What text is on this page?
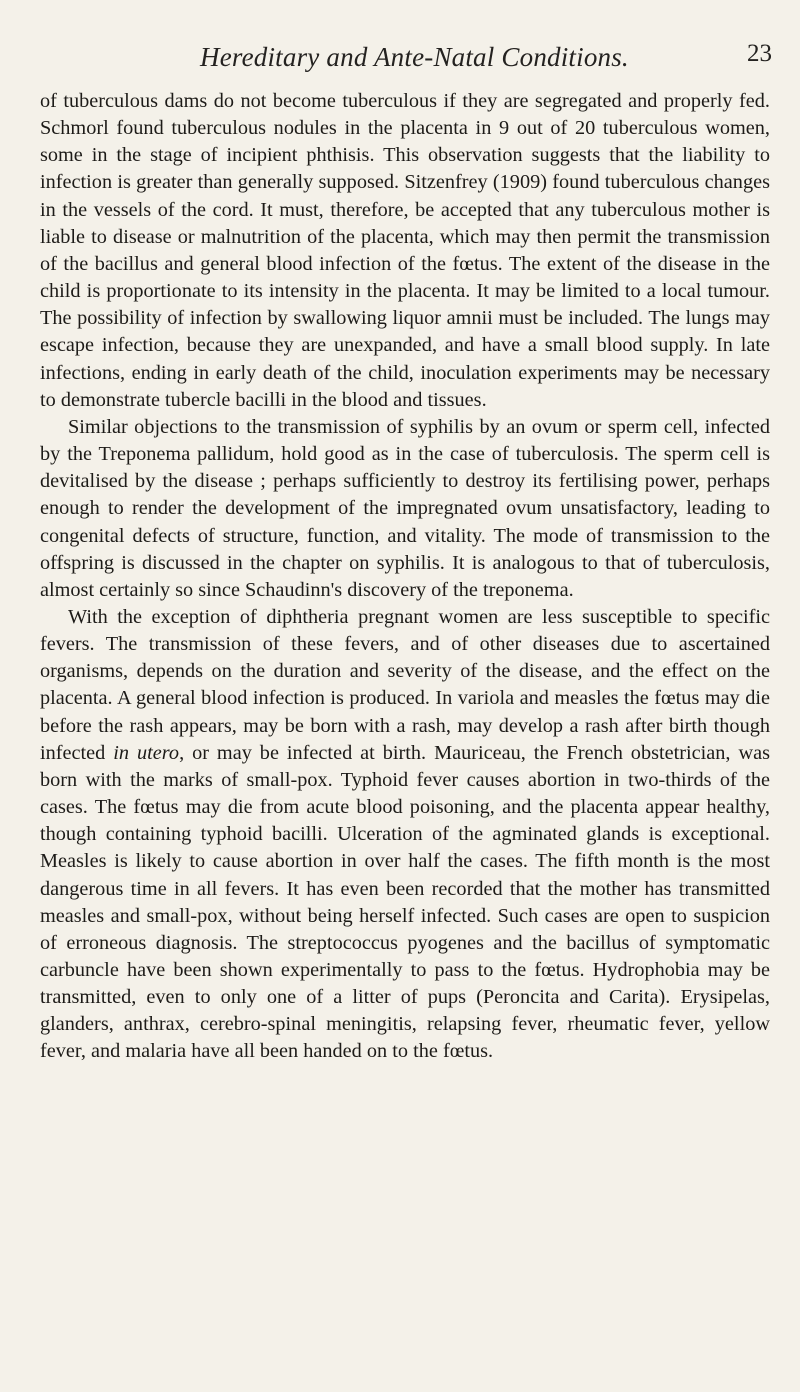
Hereditary and Ante-Natal Conditions.	23

of tuberculous dams do not become tuberculous if they are segregated and properly fed. Schmorl found tuberculous nodules in the placenta in 9 out of 20 tuberculous women, some in the stage of incipient phthisis. This observation suggests that the liability to infection is greater than generally supposed. Sitzenfrey (1909) found tuberculous changes in the vessels of the cord. It must, therefore, be accepted that any tuberculous mother is liable to disease or malnutrition of the placenta, which may then permit the transmission of the bacillus and general blood infection of the fœtus. The extent of the disease in the child is proportionate to its intensity in the placenta. It may be limited to a local tumour. The possibility of infection by swallowing liquor amnii must be included. The lungs may escape infection, because they are unexpanded, and have a small blood supply. In late infections, ending in early death of the child, inoculation experiments may be necessary to demonstrate tubercle bacilli in the blood and tissues.

Similar objections to the transmission of syphilis by an ovum or sperm cell, infected by the Treponema pallidum, hold good as in the case of tuberculosis. The sperm cell is devitalised by the disease ; perhaps sufficiently to destroy its fertilising power, perhaps enough to render the development of the impregnated ovum unsatisfactory, leading to congenital defects of structure, function, and vitality. The mode of transmission to the offspring is discussed in the chapter on syphilis. It is analogous to that of tuberculosis, almost certainly so since Schaudinn's discovery of the treponema.

With the exception of diphtheria pregnant women are less susceptible to specific fevers. The transmission of these fevers, and of other diseases due to ascertained organisms, depends on the duration and severity of the disease, and the effect on the placenta. A general blood infection is produced. In variola and measles the fœtus may die before the rash appears, may be born with a rash, may develop a rash after birth though infected in utero, or may be infected at birth. Mauriceau, the French obstetrician, was born with the marks of small-pox. Typhoid fever causes abortion in two-thirds of the cases. The fœtus may die from acute blood poisoning, and the placenta appear healthy, though containing typhoid bacilli. Ulceration of the agminated glands is exceptional. Measles is likely to cause abortion in over half the cases. The fifth month is the most dangerous time in all fevers. It has even been recorded that the mother has transmitted measles and small-pox, without being herself infected. Such cases are open to suspicion of erroneous diagnosis. The streptococcus pyogenes and the bacillus of symptomatic carbuncle have been shown experimentally to pass to the fœtus. Hydrophobia may be transmitted, even to only one of a litter of pups (Peroncita and Carita). Erysipelas, glanders, anthrax, cerebro-spinal meningitis, relapsing fever, rheumatic fever, yellow fever, and malaria have all been handed on to the fœtus.
